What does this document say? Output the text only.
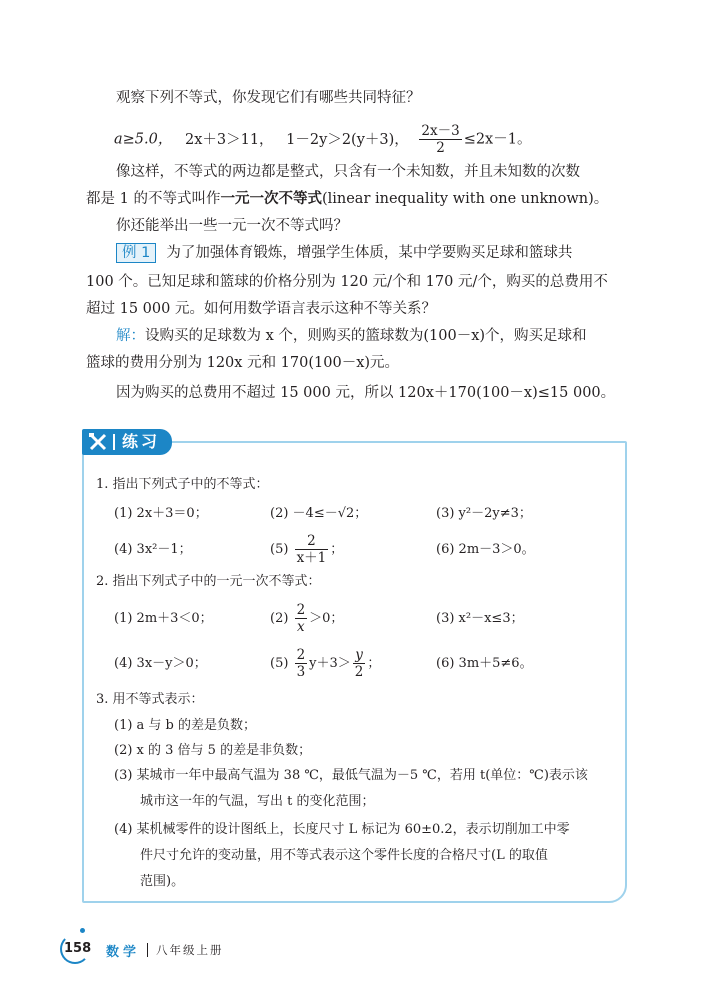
观察下列不等式，你发现它们有哪些共同特征？
a≥5.0， 2x＋3＞11， 1－2y＞2(y＋3)， $\frac{2x-3}{2} \le 2x-1$。
像这样，不等式的两边都是整式，只含有一个未知数，并且未知数的次数
都是 1 的不等式叫作一元一次不等式(linear inequality with one unknown)。
你还能举出一些一元一次不等式吗？
例 1 为了加强体育锻炼，增强学生体质，某中学要购买足球和篮球共
100 个。已知足球和篮球的价格分别为 120 元/个和 170 元/个，购买的总费用不
超过 15 000 元。如何用数学语言表示这种不等关系？
解：设购买的足球数为 x 个，则购买的篮球数为(100－x)个，购买足球和
篮球的费用分别为 120x 元和 170(100－x)元。
因为购买的总费用不超过 15 000 元，所以 120x＋170(100－x)≤15 000。
练习
1. 指出下列式子中的不等式：
(1) 2x＋3＝0；	(2) －4≤－√2；	(3) y²－2y≠3；
(4) 3x²－1；	$(5) \frac{2}{x+1}$ ；	(6) 2m－3＞0。
2. 指出下列式子中的一元一次不等式：
(1) 2m＋3＜0；	$(2) \frac{2}{x} >0$；	(3) x²－x≤3；
(4) 3x－y＞0；	$(5) \frac{2}{3} y+3> \frac{y}{2}$ ；	(6) 3m＋5≠6。
3. 用不等式表示：
(1) a 与 b 的差是负数；
(2) x 的 3 倍与 5 的差是非负数；
(3) 某城市一年中最高气温为 38 ℃，最低气温为－5 ℃，若用 t(单位：℃)表示该
城市这一年的气温，写出 t 的变化范围；
(4) 某机械零件的设计图纸上，长度尺寸 L 标记为 60±0.2，表示切削加工中零
件尺寸允许的变动量，用不等式表示这个零件长度的合格尺寸(L 的取值
范围)。
158 数学 八年级上册
